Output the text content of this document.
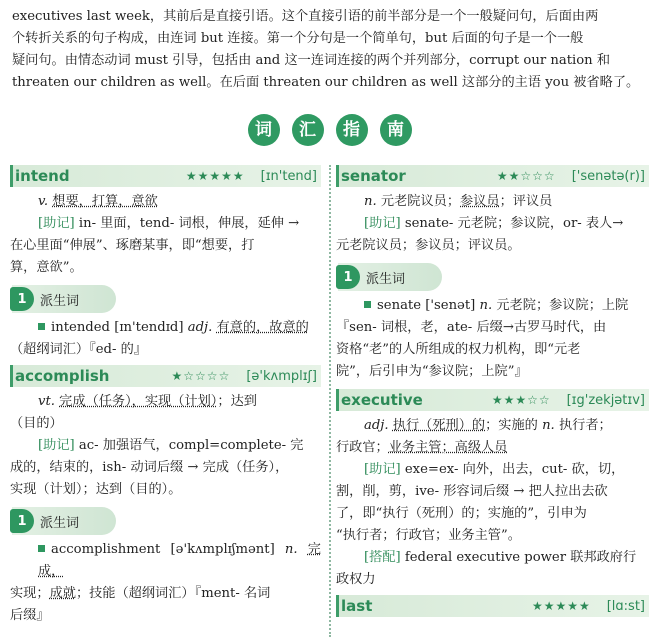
executives last week，其前后是直接引语。这个直接引语的前半部分是一个一般疑问句，后面由两
个转折关系的句子构成，由连词 but 连接。第一个分句是一个简单句，but 后面的句子是一个一般
疑问句。由情态动词 must 引导，包括由 and 这一连词连接的两个并列部分，corrupt our nation 和
threaten our children as well。在后面 threaten our children as well 这部分的主语 you 被省略了。
词 汇 指 南
intend	★★★★★ [ɪn'tend]

v. 想要，打算，意欲

[助记] in- 里面，tend- 词根，伸展，延伸 →

在心里面“伸展”、琢磨某事，即“想要，打

算，意欲”。

1	派生词

intended [ɪn'tendɪd] adj. 有意的，故意的

（超纲词汇）『ed- 的』

accomplish	★☆☆☆☆ [ə'kʌmplɪʃ]

vt. 完成（任务），实现（计划）；达到

（目的）

[助记] ac- 加强语气，compl=complete- 完

成的，结束的，ish- 动词后缀 → 完成（任务），

实现（计划）；达到（目的）。

1	派生词

accomplishment [ə'kʌmplɪʃmənt] n. 完成，

实现；成就；技能（超纲词汇）『ment- 名词

后缀』

senator	★★☆☆☆ ['senətə(r)]

n. 元老院议员；参议员；评议员

[助记] senate- 元老院；参议院，or- 表人→

元老院议员；参议员；评议员。

1	派生词

senate ['senət] n. 元老院；参议院；上院

『sen- 词根，老，ate- 后缀→古罗马时代，由

资格“老”的人所组成的权力机构，即“元老

院”，后引申为“参议院；上院”』

executive	★★★☆☆ [ɪg'zekjətɪv]

adj. 执行（死刑）的；实施的 n. 执行者；

行政官；业务主管；高级人员

[助记] exe=ex- 向外，出去，cut- 砍，切，

割，削，剪，ive- 形容词后缀 → 把人拉出去砍

了，即“执行（死刑）的；实施的”，引申为

“执行者；行政官；业务主管”。

[搭配] federal executive power 联邦政府行

政权力

last	★★★★★ [lɑ:st]
